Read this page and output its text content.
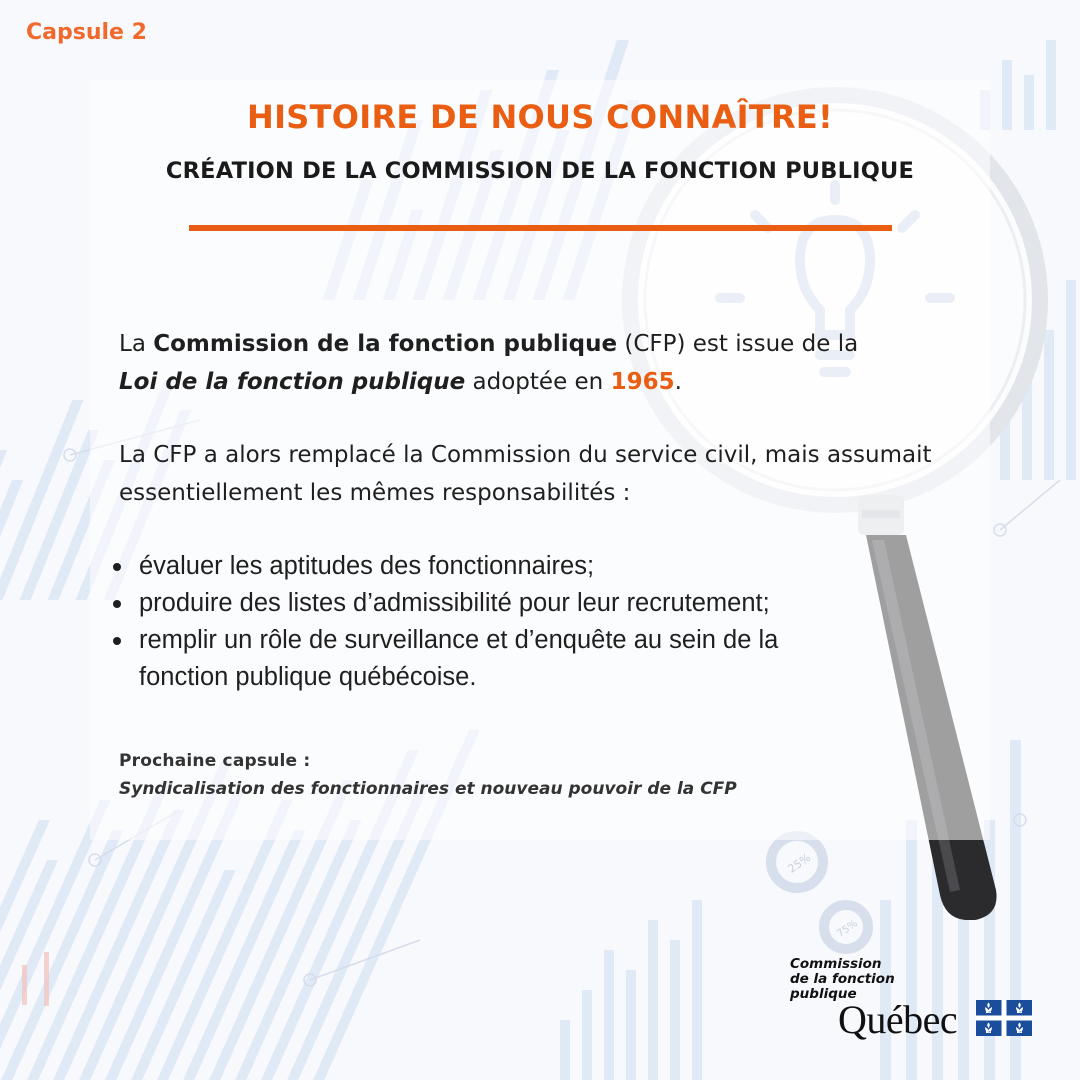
25%
75%
Capsule 2
HISTOIRE DE NOUS CONNAÎTRE!
CRÉATION DE LA COMMISSION DE LA FONCTION PUBLIQUE
La Commission de la fonction publique (CFP) est issue de la
Loi de la fonction publique adoptée en 1965.
La CFP a alors remplacé la Commission du service civil, mais assumait essentiellement les mêmes responsabilités :
évaluer les aptitudes des fonctionnaires;
produire des listes d’admissibilité pour leur recrutement;
remplir un rôle de surveillance et d’enquête au sein de la fonction publique québécoise.
Prochaine capsule :
Syndicalisation des fonctionnaires et nouveau pouvoir de la CFP
Commission
de la fonction
publique
Québec
